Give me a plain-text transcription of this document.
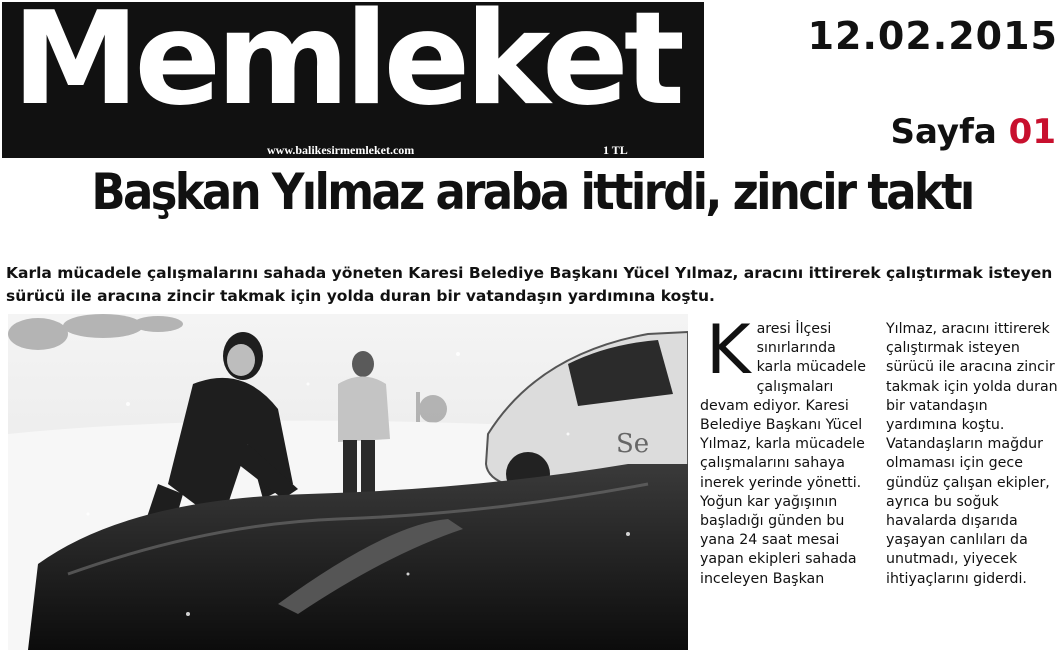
Memleket
www.balikesirmemleket.com	1 TL
12.02.2015
Sayfa 01
Başkan Yılmaz araba ittirdi, zincir taktı
Karla mücadele çalışmalarını sahada yöneten Karesi Belediye Başkanı Yücel Yılmaz, aracını ittirerek çalıştırmak isteyen sürücü ile aracına zincir takmak için yolda duran bir vatandaşın yardımına koştu.
Se
Karesi İlçesi sınırlarında karla mücadele çalışmaları devam ediyor. Karesi Belediye Başkanı Yücel Yılmaz, karla mücadele çalışmalarını sahaya inerek yerinde yönetti. Yoğun kar yağışının başladığı günden bu yana 24 saat mesai yapan ekipleri sahada inceleyen Başkan
Yılmaz, aracını ittirerek çalıştırmak isteyen sürücü ile aracına zincir takmak için yolda duran bir vatandaşın yardımına koştu. Vatandaşların mağdur olmaması için gece gündüz çalışan ekipler, ayrıca bu soğuk havalarda dışarıda yaşayan canlıları da unutmadı, yiyecek ihtiyaçlarını giderdi.
